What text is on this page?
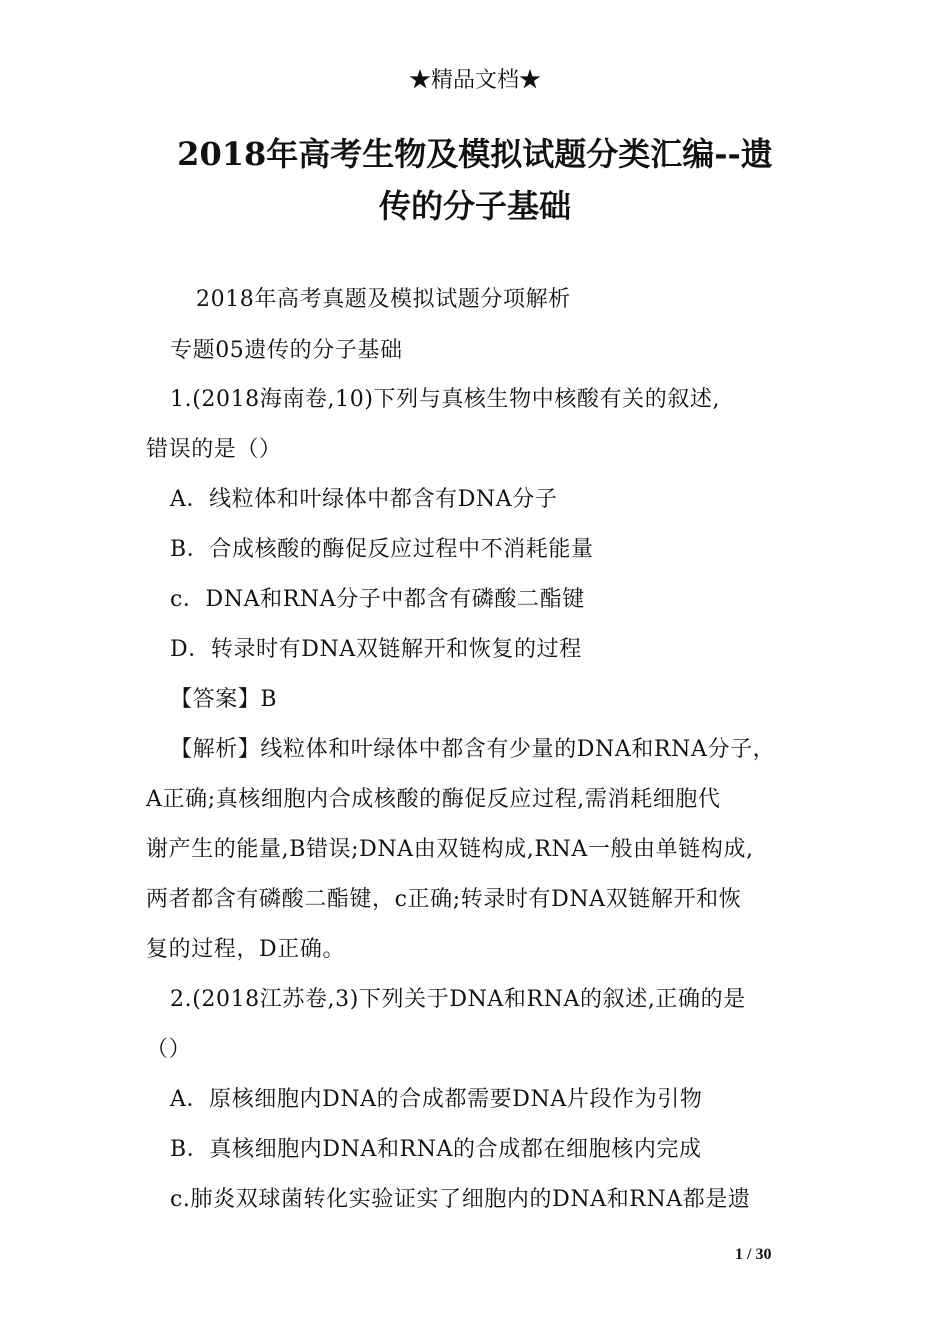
★精品文档★
2018年高考生物及模拟试题分类汇编--遗
传的分子基础
2018年高考真题及模拟试题分项解析
专题05遗传的分子基础
1.(2018海南卷,10)下列与真核生物中核酸有关的叙述,
错误的是（）
A．线粒体和叶绿体中都含有DNA分子
B．合成核酸的酶促反应过程中不消耗能量
c．DNA和RNA分子中都含有磷酸二酯键
D．转录时有DNA双链解开和恢复的过程
【答案】B
【解析】线粒体和叶绿体中都含有少量的DNA和RNA分子，
A正确;真核细胞内合成核酸的酶促反应过程,需消耗细胞代
谢产生的能量,B错误;DNA由双链构成,RNA一般由单链构成,
两者都含有磷酸二酯键，c正确;转录时有DNA双链解开和恢
复的过程，D正确。
2.(2018江苏卷,3)下列关于DNA和RNA的叙述,正确的是
（）
A．原核细胞内DNA的合成都需要DNA片段作为引物
B．真核细胞内DNA和RNA的合成都在细胞核内完成
c.肺炎双球菌转化实验证实了细胞内的DNA和RNA都是遗
1 / 30
